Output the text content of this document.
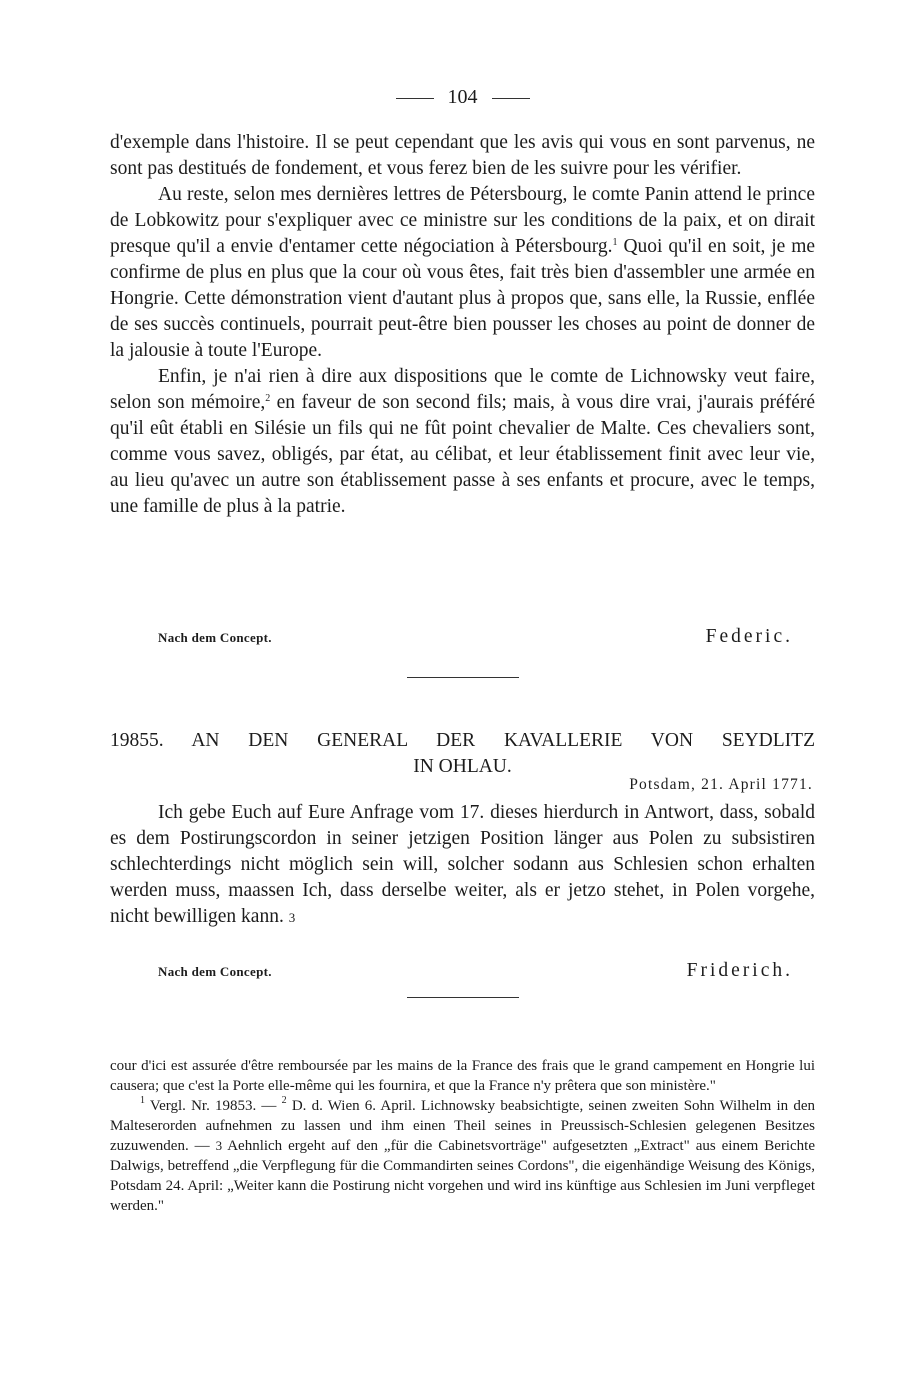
104

d'exemple dans l'histoire. Il se peut cependant que les avis qui vous en sont parvenus, ne sont pas destitués de fondement, et vous ferez bien de les suivre pour les vérifier.

Au reste, selon mes dernières lettres de Pétersbourg, le comte Panin attend le prince de Lobkowitz pour s'expliquer avec ce ministre sur les conditions de la paix, et on dirait presque qu'il a envie d'entamer cette négociation à Pétersbourg.$^1$ Quoi qu'il en soit, je me confirme de plus en plus que la cour où vous êtes, fait très bien d'assembler une armée en Hongrie. Cette démonstration vient d'autant plus à propos que, sans elle, la Russie, enflée de ses succès continuels, pourrait peut-être bien pousser les choses au point de donner de la jalousie à toute l'Europe.

Enfin, je n'ai rien à dire aux dispositions que le comte de Lichnowsky veut faire, selon son mémoire,$^2$ en faveur de son second fils; mais, à vous dire vrai, j'aurais préféré qu'il eût établi en Silésie un fils qui ne fût point chevalier de Malte. Ces chevaliers sont, comme vous savez, obligés, par état, au célibat, et leur établissement finit avec leur vie, au lieu qu'avec un autre son établissement passe à ses enfants et procure, avec le temps, une famille de plus à la patrie.

Nach dem Concept.	Federic.
19855. AN DEN GENERAL DER KAVALLERIE VON SEYDLITZ
IN OHLAU.
Potsdam, 21. April 1771.

Ich gebe Euch auf Eure Anfrage vom 17. dieses hierdurch in Antwort, dass, sobald es dem Postirungscordon in seiner jetzigen Position länger aus Polen zu subsistiren schlechterdings nicht möglich sein will, solcher sodann aus Schlesien schon erhalten werden muss, maassen Ich, dass derselbe weiter, als er jetzo stehet, in Polen vorgehe, nicht bewilligen kann. 3

Nach dem Concept.	Friderich.

cour d'ici est assurée d'être remboursée par les mains de la France des frais que le grand campement en Hongrie lui causera; que c'est la Porte elle-même qui les fournira, et que la France n'y prêtera que son ministère."

$^1$ Vergl. Nr. 19853. — $^2$ D. d. Wien 6. April. Lichnowsky beabsichtigte, seinen zweiten Sohn Wilhelm in den Malteserorden aufnehmen zu lassen und ihm einen Theil seines in Preussisch-Schlesien gelegenen Besitzes zuzuwenden. — 3 Aehnlich ergeht auf den „für die Cabinetsvorträge" aufgesetzten „Extract" aus einem Berichte Dalwigs, betreffend „die Verpflegung für die Commandirten seines Cordons", die eigenhändige Weisung des Königs, Potsdam 24. April: „Weiter kann die Postirung nicht vorgehen und wird ins künftige aus Schlesien im Juni verpfleget werden."
